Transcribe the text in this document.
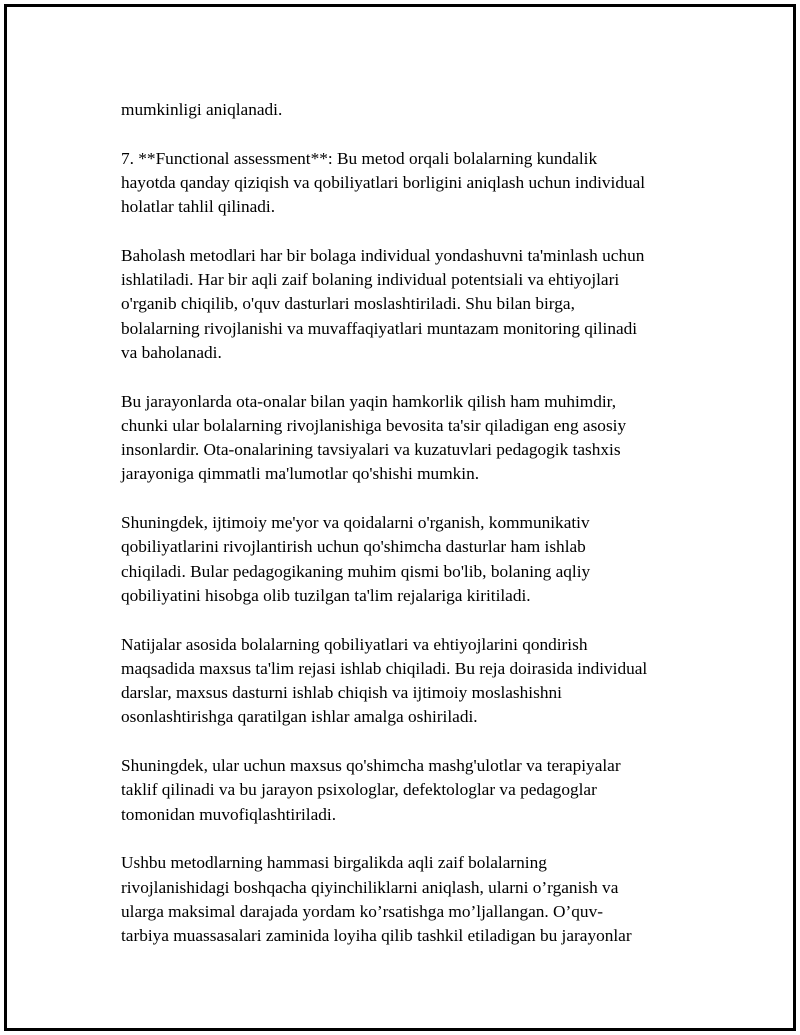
mumkinligi aniqlanadi.

7. **Functional assessment**: Bu metod orqali bolalarning kundalik
hayotda qanday qiziqish va qobiliyatlari borligini aniqlash uchun individual
holatlar tahlil qilinadi.

Baholash metodlari har bir bolaga individual yondashuvni ta'minlash uchun
ishlatiladi. Har bir aqli zaif bolaning individual potentsiali va ehtiyojlari
o'rganib chiqilib, o'quv dasturlari moslashtiriladi. Shu bilan birga,
bolalarning rivojlanishi va muvaffaqiyatlari muntazam monitoring qilinadi
va baholanadi.

Bu jarayonlarda ota-onalar bilan yaqin hamkorlik qilish ham muhimdir,
chunki ular bolalarning rivojlanishiga bevosita ta'sir qiladigan eng asosiy
insonlardir. Ota-onalarining tavsiyalari va kuzatuvlari pedagogik tashxis
jarayoniga qimmatli ma'lumotlar qo'shishi mumkin.

Shuningdek, ijtimoiy me'yor va qoidalarni o'rganish, kommunikativ
qobiliyatlarini rivojlantirish uchun qo'shimcha dasturlar ham ishlab
chiqiladi. Bular pedagogikaning muhim qismi bo'lib, bolaning aqliy
qobiliyatini hisobga olib tuzilgan ta'lim rejalariga kiritiladi.

Natijalar asosida bolalarning qobiliyatlari va ehtiyojlarini qondirish
maqsadida maxsus ta'lim rejasi ishlab chiqiladi. Bu reja doirasida individual
darslar, maxsus dasturni ishlab chiqish va ijtimoiy moslashishni
osonlashtirishga qaratilgan ishlar amalga oshiriladi.

Shuningdek, ular uchun maxsus qo'shimcha mashg'ulotlar va terapiyalar
taklif qilinadi va bu jarayon psixologlar, defektologlar va pedagoglar
tomonidan muvofiqlashtiriladi.

Ushbu metodlarning hammasi birgalikda aqli zaif bolalarning
rivojlanishidagi boshqacha qiyinchiliklarni aniqlash, ularni o’rganish va
ularga maksimal darajada yordam ko’rsatishga mo’ljallangan. O’quv-
tarbiya muassasalari zaminida loyiha qilib tashkil etiladigan bu jarayonlar
